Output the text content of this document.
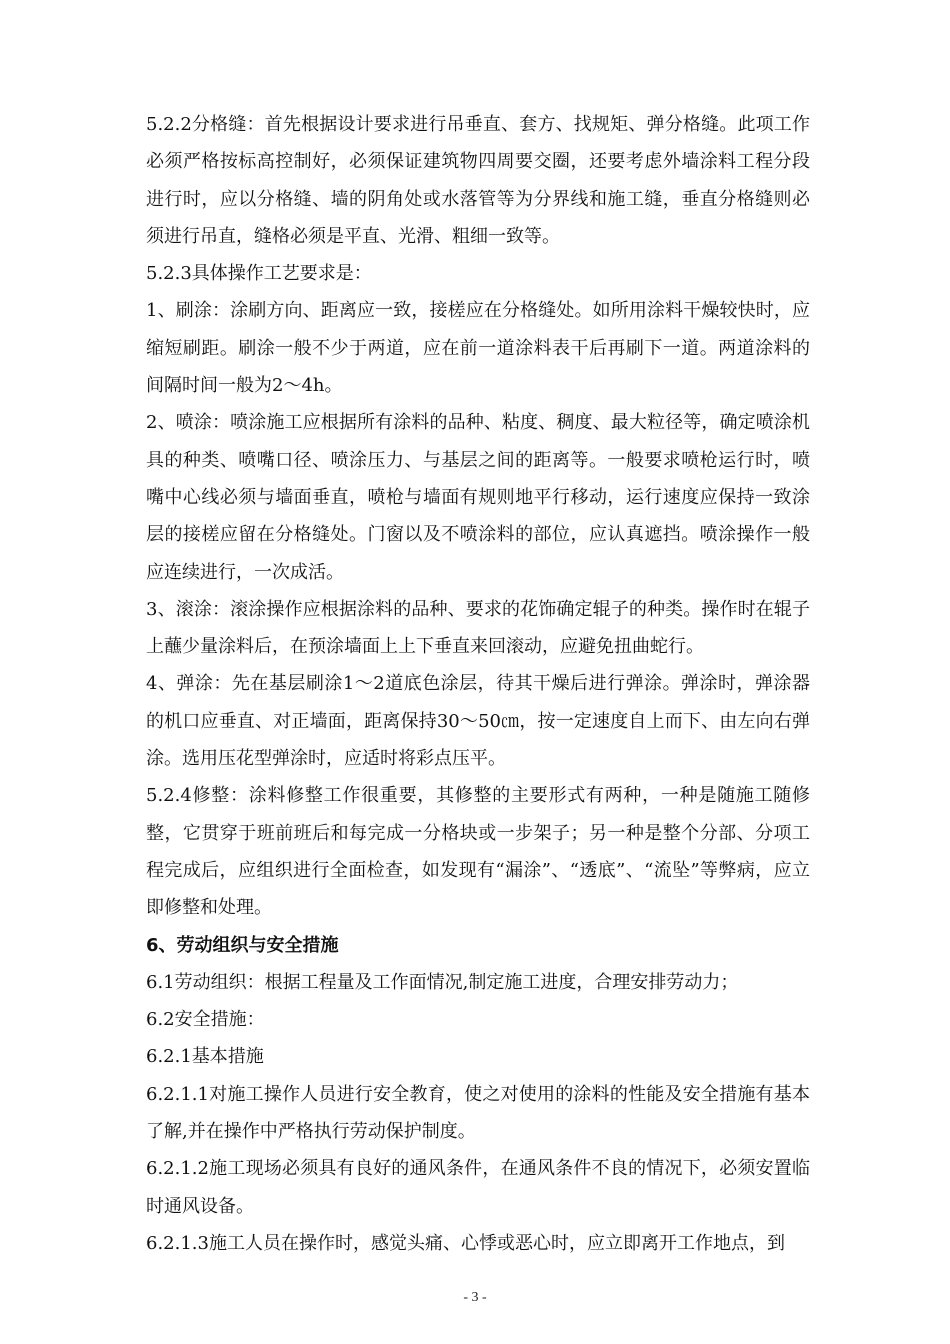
5.2.2分格缝：首先根据设计要求进行吊垂直、套方、找规矩、弹分格缝。此项工作必须严格按标高控制好，必须保证建筑物四周要交圈，还要考虑外墙涂料工程分段进行时，应以分格缝、墙的阴角处或水落管等为分界线和施工缝，垂直分格缝则必须进行吊直，缝格必须是平直、光滑、粗细一致等。

5.2.3具体操作工艺要求是：

1、刷涂：涂刷方向、距离应一致，接槎应在分格缝处。如所用涂料干燥较快时，应缩短刷距。刷涂一般不少于两道，应在前一道涂料表干后再刷下一道。两道涂料的间隔时间一般为2～4h。

2、喷涂：喷涂施工应根据所有涂料的品种、粘度、稠度、最大粒径等，确定喷涂机具的种类、喷嘴口径、喷涂压力、与基层之间的距离等。一般要求喷枪运行时，喷嘴中心线必须与墙面垂直，喷枪与墙面有规则地平行移动，运行速度应保持一致涂层的接槎应留在分格缝处。门窗以及不喷涂料的部位，应认真遮挡。喷涂操作一般应连续进行，一次成活。

3、滚涂：滚涂操作应根据涂料的品种、要求的花饰确定辊子的种类。操作时在辊子上蘸少量涂料后，在预涂墙面上上下垂直来回滚动，应避免扭曲蛇行。

4、弹涂：先在基层刷涂1～2道底色涂层，待其干燥后进行弹涂。弹涂时，弹涂器的机口应垂直、对正墙面，距离保持30～50㎝，按一定速度自上而下、由左向右弹涂。选用压花型弹涂时，应适时将彩点压平。

5.2.4修整：涂料修整工作很重要，其修整的主要形式有两种，一种是随施工随修整，它贯穿于班前班后和每完成一分格块或一步架子；另一种是整个分部、分项工程完成后，应组织进行全面检查，如发现有“漏涂”、“透底”、“流坠”等弊病，应立即修整和处理。

6、劳动组织与安全措施

6.1劳动组织：根据工程量及工作面情况,制定施工进度，合理安排劳动力；

6.2安全措施：

6.2.1基本措施

6.2.1.1对施工操作人员进行安全教育，使之对使用的涂料的性能及安全措施有基本了解,并在操作中严格执行劳动保护制度。

6.2.1.2施工现场必须具有良好的通风条件，在通风条件不良的情况下，必须安置临时通风设备。

6.2.1.3施工人员在操作时，感觉头痛、心悸或恶心时，应立即离开工作地点，到

- 3 -
